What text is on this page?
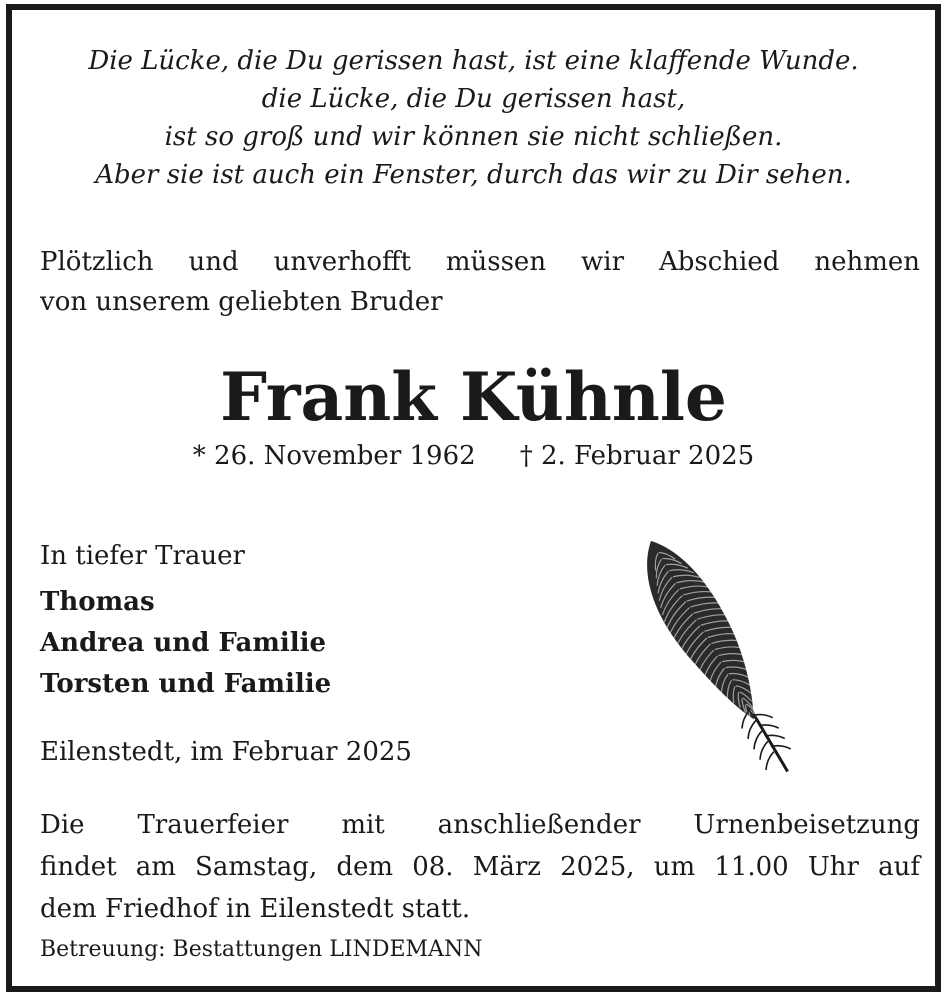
Die Lücke, die Du gerissen hast, ist eine klaffende Wunde.
die Lücke, die Du gerissen hast,
ist so groß und wir können sie nicht schließen.
Aber sie ist auch ein Fenster, durch das wir zu Dir sehen.
Plötzlich und unverhofft müssen wir Abschied nehmen
von unserem geliebten Bruder
Frank Kühnle
* 26. November 1962 † 2. Februar 2025
In tiefer Trauer
Thomas
Andrea und Familie
Torsten und Familie
Eilenstedt, im Februar 2025
Die Trauerfeier mit anschließender Urnenbeisetzung
findet am Samstag, dem 08. März 2025, um 11.00 Uhr auf
dem Friedhof in Eilenstedt statt.
Betreuung: Bestattungen LINDEMANN
